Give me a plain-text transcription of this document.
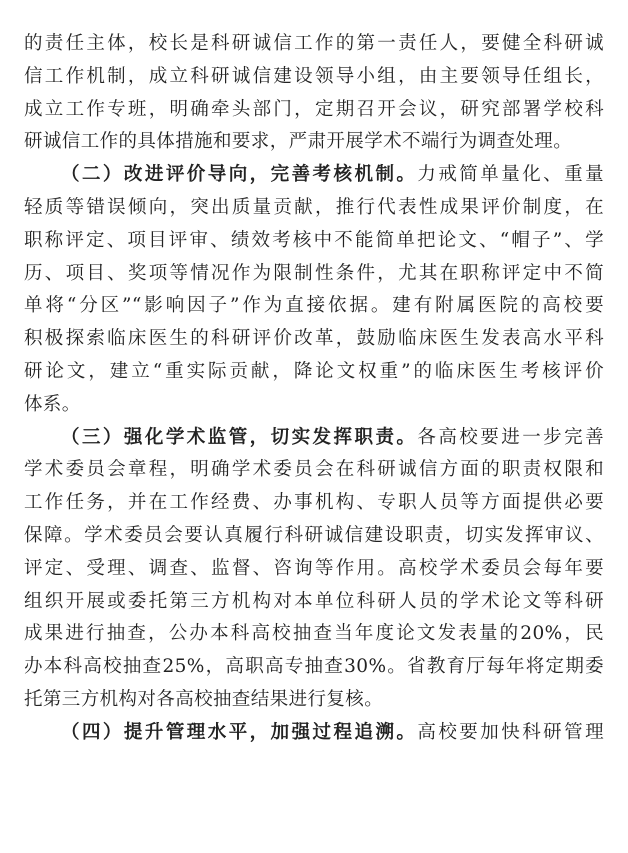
的责任主体，校长是科研诚信工作的第一责任人，要健全科研诚
信工作机制，成立科研诚信建设领导小组，由主要领导任组长，
成立工作专班，明确牵头部门，定期召开会议，研究部署学校科
研诚信工作的具体措施和要求，严肃开展学术不端行为调查处理。
（二）改进评价导向，完善考核机制。力戒简单量化、重量
轻质等错误倾向，突出质量贡献，推行代表性成果评价制度，在
职称评定、项目评审、绩效考核中不能简单把论文、“帽子”、学
历、项目、奖项等情况作为限制性条件，尤其在职称评定中不简
单将“分区”“影响因子”作为直接依据。建有附属医院的高校要
积极探索临床医生的科研评价改革，鼓励临床医生发表高水平科
研论文，建立“重实际贡献，降论文权重”的临床医生考核评价
体系。
（三）强化学术监管，切实发挥职责。各高校要进一步完善
学术委员会章程，明确学术委员会在科研诚信方面的职责权限和
工作任务，并在工作经费、办事机构、专职人员等方面提供必要
保障。学术委员会要认真履行科研诚信建设职责，切实发挥审议、
评定、受理、调查、监督、咨询等作用。高校学术委员会每年要
组织开展或委托第三方机构对本单位科研人员的学术论文等科研
成果进行抽查，公办本科高校抽查当年度论文发表量的20%，民
办本科高校抽查25%，高职高专抽查30%。省教育厅每年将定期委
托第三方机构对各高校抽查结果进行复核。
（四）提升管理水平，加强过程追溯。高校要加快科研管理
